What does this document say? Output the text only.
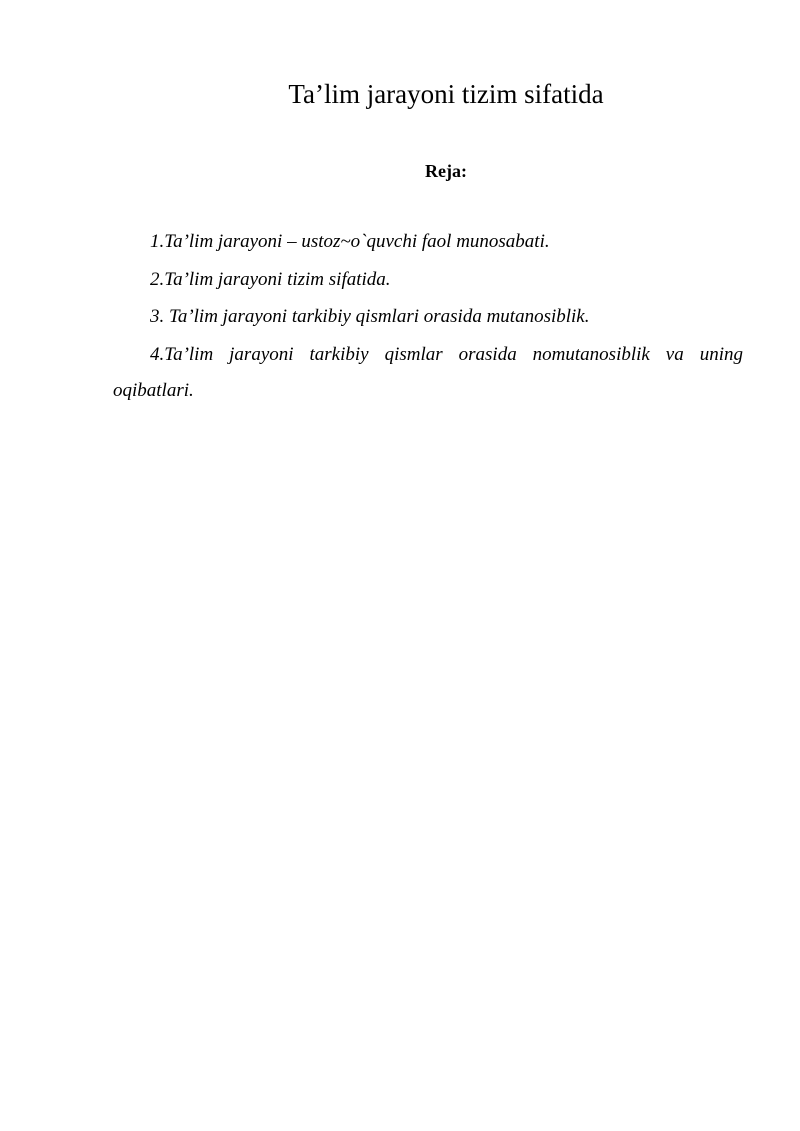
Ta’lim jarayoni tizim sifatida
Reja:
1.Ta’lim jarayoni – ustoz~o`quvchi faol munosabati.
2.Ta’lim jarayoni tizim sifatida.
3. Ta’lim jarayoni tarkibiy qismlari orasida mutanosiblik.
4.Ta’lim jarayoni tarkibiy qismlar orasida nomutanosiblik va uning oqibatlari.
